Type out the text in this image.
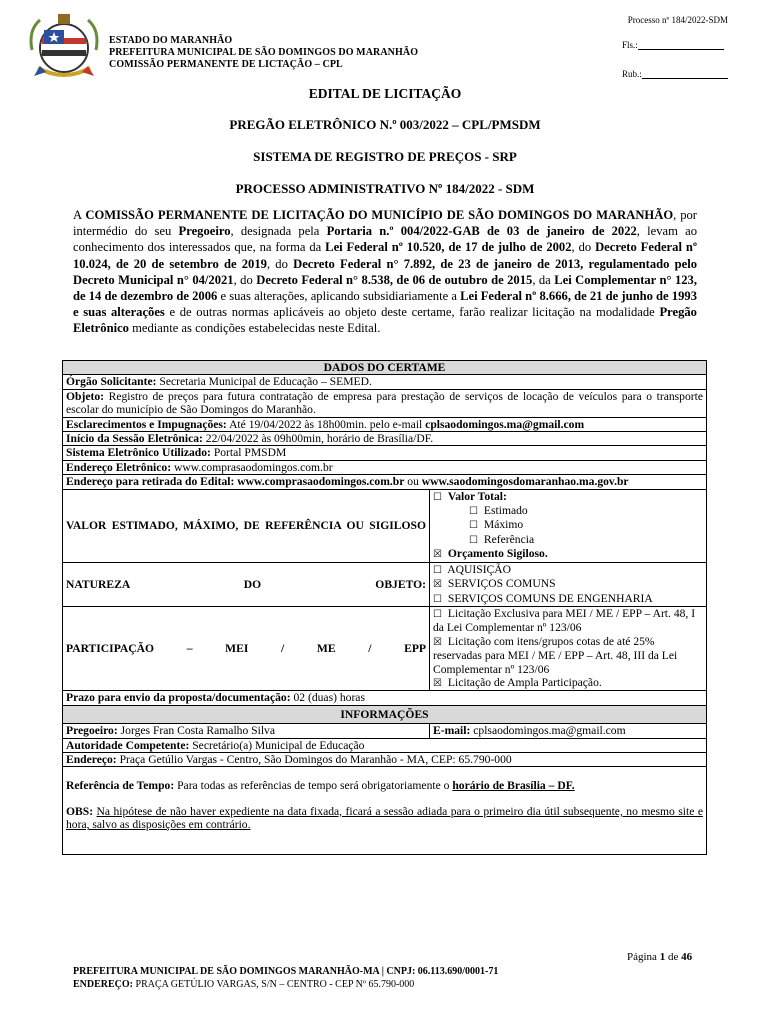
ESTADO DO MARANHÃO
PREFEITURA MUNICIPAL DE SÃO DOMINGOS DO MARANHÃO
COMISSÃO PERMANENTE DE LICTAÇÃO – CPL
Processo nº 184/2022-SDM
Fls.:
Rub.:
EDITAL DE LICITAÇÃO
PREGÃO ELETRÔNICO N.º 003/2022 – CPL/PMSDM
SISTEMA DE REGISTRO DE PREÇOS - SRP
PROCESSO ADMINISTRATIVO Nº 184/2022 - SDM
A COMISSÃO PERMANENTE DE LICITAÇÃO DO MUNICÍPIO DE SÃO DOMINGOS DO MARANHÃO, por intermédio do seu Pregoeiro, designada pela Portaria n.º 004/2022-GAB de 03 de janeiro de 2022, levam ao conhecimento dos interessados que, na forma da Lei Federal nº 10.520, de 17 de julho de 2002, do Decreto Federal nº 10.024, de 20 de setembro de 2019, do Decreto Federal n° 7.892, de 23 de janeiro de 2013, regulamentado pelo Decreto Municipal n° 04/2021, do Decreto Federal n° 8.538, de 06 de outubro de 2015, da Lei Complementar n° 123, de 14 de dezembro de 2006 e suas alterações, aplicando subsidiariamente a Lei Federal nº 8.666, de 21 de junho de 1993 e suas alterações e de outras normas aplicáveis ao objeto deste certame, farão realizar licitação na modalidade Pregão Eletrônico mediante as condições estabelecidas neste Edital.
DADOS DO CERTAME	
Órgão Solicitante: Secretaria Municipal de Educação – SEMED.	
Objeto: Registro de preços para futura contratação de empresa para prestação de serviços de locação de veículos para o transporte escolar do município de São Domingos do Maranhão.	
Esclarecimentos e Impugnações: Até 19/04/2022 às 18h00min. pelo e-mail cplsaodomingos.ma@gmail.com	
Início da Sessão Eletrônica: 22/04/2022 às 09h00min, horário de Brasília/DF.	
Sistema Eletrônico Utilizado: Portal PMSDM	
Endereço Eletrônico: www.comprasaodomingos.com.br	
Endereço para retirada do Edital: www.comprasaodomingos.com.br ou www.saodomingosdomaranhao.ma.gov.br	
VALOR ESTIMADO, MÁXIMO, DE REFERÊNCIA OU SIGILOSO	☐ Valor Total:
☐ Estimado
☐ Máximo
☐ Referência
☒ Orçamento Sigiloso.

NATUREZA DO OBJETO:	☐ AQUISIÇÃO
☒ SERVIÇOS COMUNS
☐ SERVIÇOS COMUNS DE ENGENHARIA

PARTICIPAÇÃO – MEI / ME / EPP	☐ Licitação Exclusiva para MEI / ME / EPP – Art. 48, I da Lei Complementar nº 123/06
☒ Licitação com itens/grupos cotas de até 25% reservadas para MEI / ME / EPP – Art. 48, III da Lei Complementar nº 123/06
☒ Licitação de Ampla Participação.

Prazo para envio da proposta/documentação: 02 (duas) horas	
INFORMAÇÕES	
Pregoeiro: Jorges Fran Costa Ramalho Silva	E-mail: cplsaodomingos.ma@gmail.com
Autoridade Competente: Secretário(a) Municipal de Educação	
Endereço: Praça Getúlio Vargas - Centro, São Domingos do Maranhão - MA, CEP: 65.790-000	

Referência de Tempo: Para todas as referências de tempo será obrigatoriamente o horário de Brasília – DF.
OBS: Na hipótese de não haver expediente na data fixada, ficará a sessão adiada para o primeiro dia útil subsequente, no mesmo site e hora, salvo as disposições em contrário.	
Página 1 de 46
PREFEITURA MUNICIPAL DE SÃO DOMINGOS MARANHÃO-MA | CNPJ: 06.113.690/0001-71
ENDEREÇO: PRAÇA GETÚLIO VARGAS, S/N – CENTRO - CEP Nº 65.790-000
